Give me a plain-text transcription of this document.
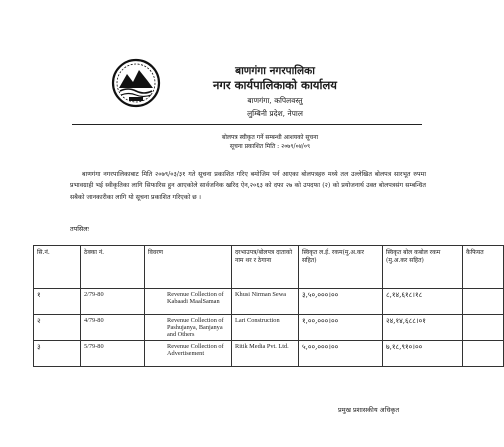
बाणगंगा नगरपालिका
नगर कार्यपालिकाको कार्यालय
बाणगंगा, कपिलवस्तु
लुम्बिनी प्रदेश, नेपाल
बोलपत्र स्वीकृत गर्ने सम्बन्धी आशयको सूचना
सूचना प्रकाशित मिति : २०७९/०४/०९
बाणगंगा नगरपालिकाबाट मिति २०७९/०३/३१ गते सूचना प्रकाशित गरिए बमोजिम पर्न आएका बोलपत्रहरु मध्ये तल उल्लेखित बोलपत्र सारभूत रुपमा प्रभावग्राही भई स्वीकृतिका लागि सिफारिस हुन आएकोले सार्वजनिक खरिद ऐन,२०६३ को दफा २७ को उपदफा (२) को प्रयोजनार्थ उक्त बोलपत्रसंग सम्बन्धित सबैको जानकारीका लागि यो सूचना प्रकाशित गरिएको छ ।
तपसिलः
सि.नं.	ठेक्का नं.	विवरण	दरभाउपत्र/बोलपत्र दाताको नाम थर र ठेगाना	स्विकृत ल.ई. रकम(मु.अ.कर सहित)	स्विकृत बोल कबोल रकम (मु.अ.कर सहित)	कैफियत
१	2/79-80	Revenue Collection of Kabaadi MaalSaman	Khusi Nirman Sewa	३,५०,०००।००	८,१४,६१८।१८	
२	4/79-80	Revenue Collection of Pashujanya, Banjanya and Others	Lari Construction	१,००,०००।००	२४,१४,६८८।०१	
३	5/79-80	Revenue Collection of Advertisement	Ritik Media Pvt. Ltd.	५,००,०००।००	७,१८,९१०।००	
प्रमुख प्रशासकीय अधिकृत
